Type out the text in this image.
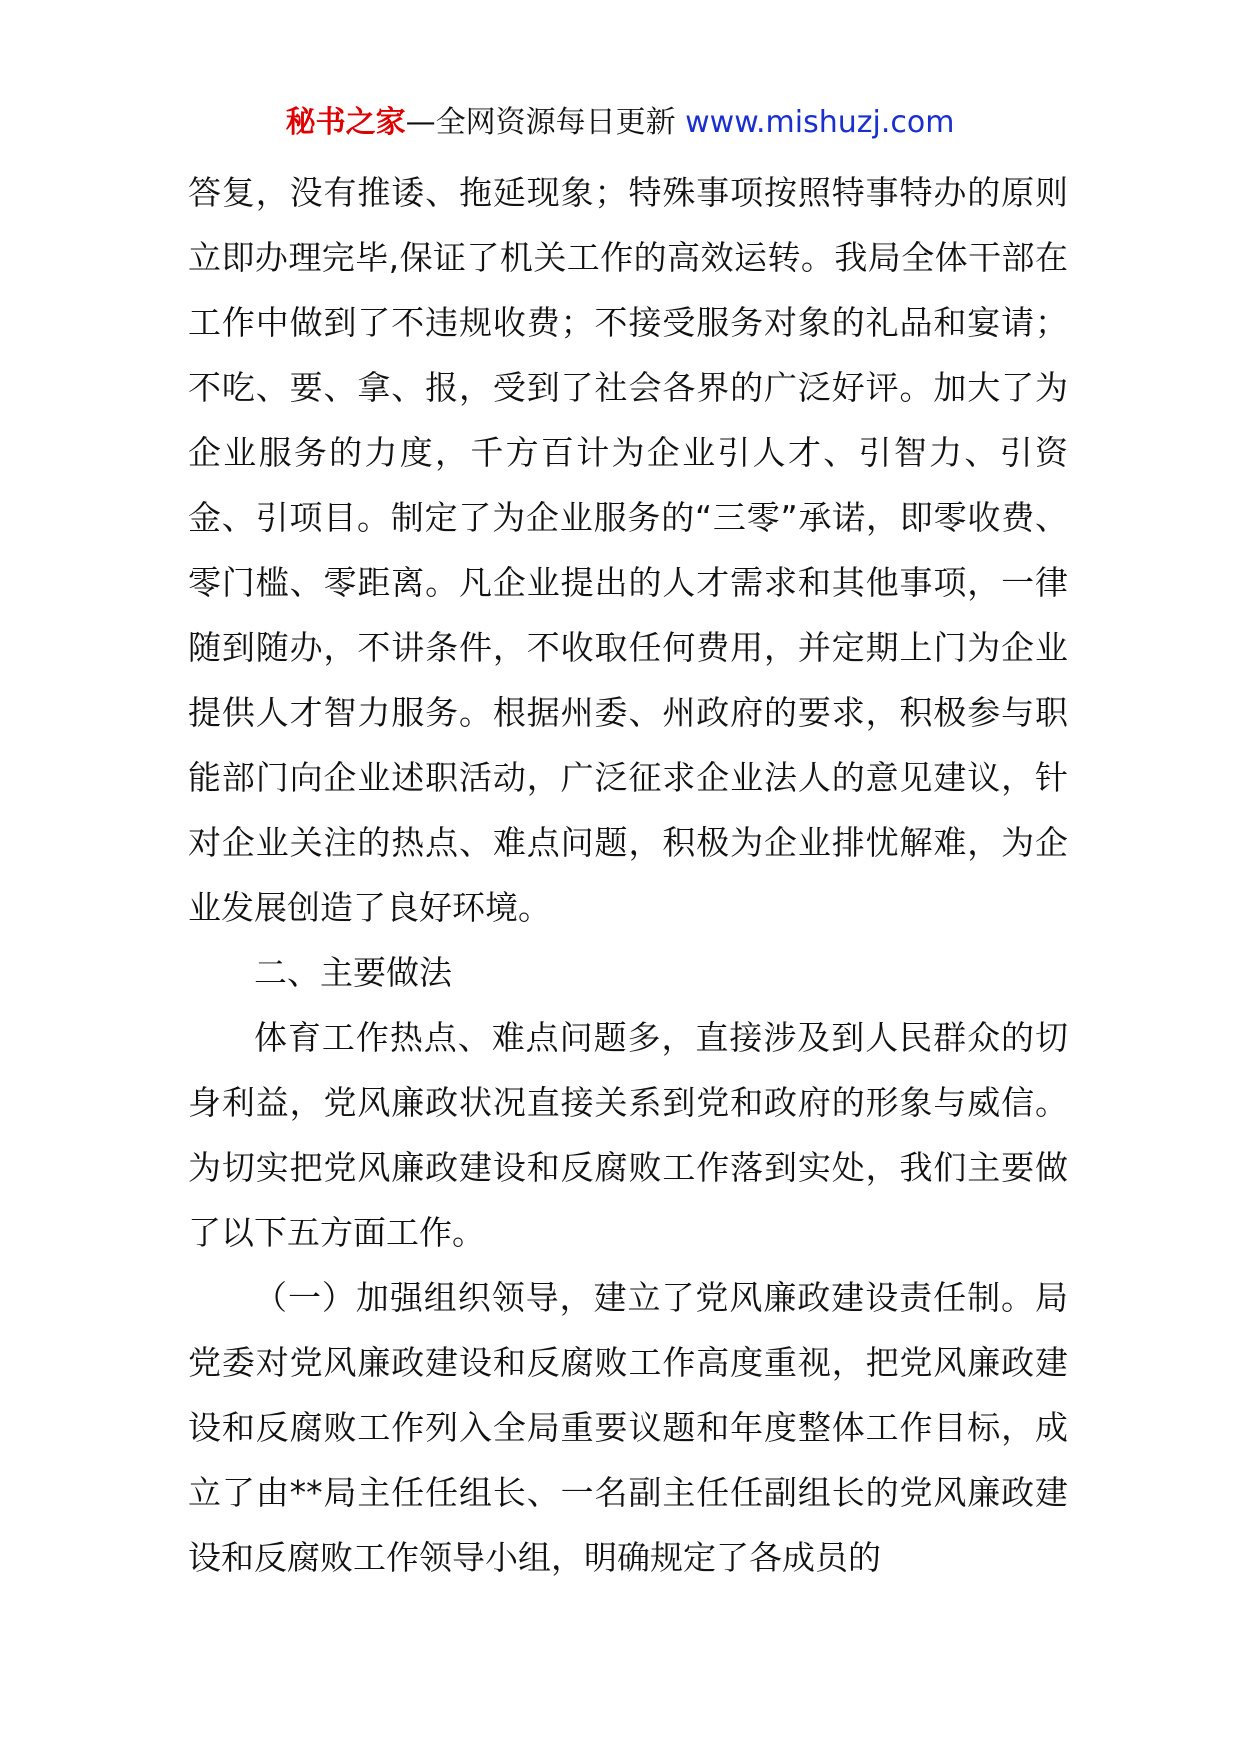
秘书之家—全网资源每日更新 www.mishuzj.com

答复，没有推诿、拖延现象；特殊事项按照特事特办的原则立即办理完毕,保证了机关工作的高效运转。我局全体干部在工作中做到了不违规收费；不接受服务对象的礼品和宴请；不吃、要、拿、报，受到了社会各界的广泛好评。加大了为企业服务的力度，千方百计为企业引人才、引智力、引资金、引项目。制定了为企业服务的“三零”承诺，即零收费、零门槛、零距离。凡企业提出的人才需求和其他事项，一律随到随办，不讲条件，不收取任何费用，并定期上门为企业提供人才智力服务。根据州委、州政府的要求，积极参与职能部门向企业述职活动，广泛征求企业法人的意见建议，针对企业关注的热点、难点问题，积极为企业排忧解难，为企业发展创造了良好环境。

二、主要做法

体育工作热点、难点问题多，直接涉及到人民群众的切身利益，党风廉政状况直接关系到党和政府的形象与威信。为切实把党风廉政建设和反腐败工作落到实处，我们主要做了以下五方面工作。

（一）加强组织领导，建立了党风廉政建设责任制。局党委对党风廉政建设和反腐败工作高度重视，把党风廉政建设和反腐败工作列入全局重要议题和年度整体工作目标，成立了由**局主任任组长、一名副主任任副组长的党风廉政建设和反腐败工作领导小组，明确规定了各成员的
